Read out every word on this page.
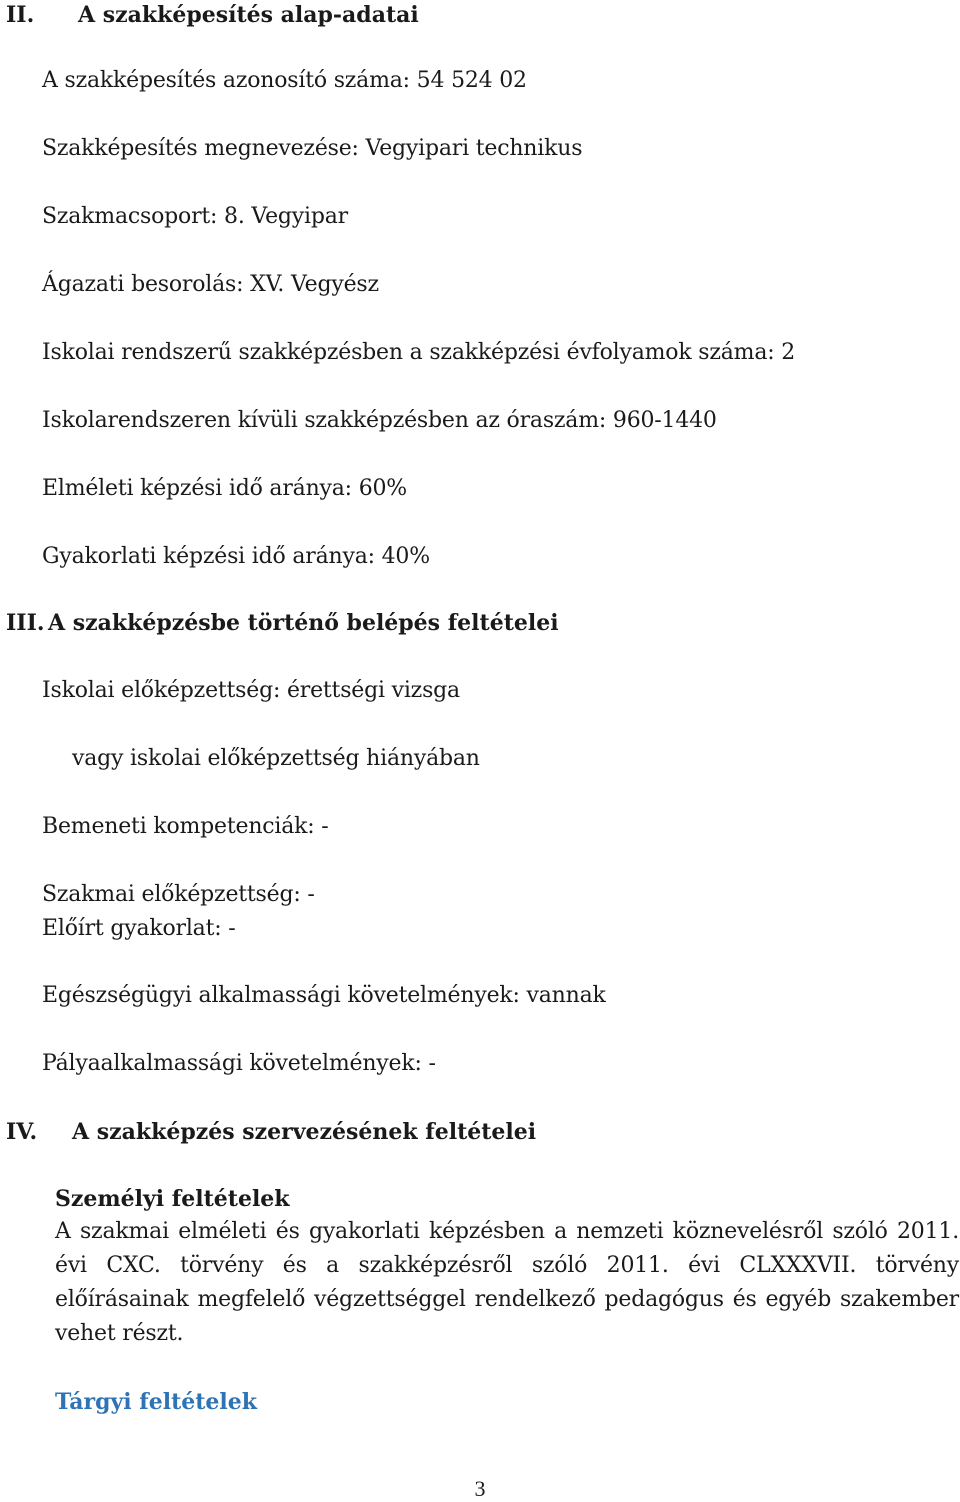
II. A szakképesítés alap-adatai

A szakképesítés azonosító száma: 54 524 02

Szakképesítés megnevezése: Vegyipari technikus

Szakmacsoport: 8. Vegyipar

Ágazati besorolás: XV. Vegyész

Iskolai rendszerű szakképzésben a szakképzési évfolyamok száma: 2

Iskolarendszeren kívüli szakképzésben az óraszám: 960-1440

Elméleti képzési idő aránya: 60%

Gyakorlati képzési idő aránya: 40%

III. A szakképzésbe történő belépés feltételei

Iskolai előképzettség: érettségi vizsga

vagy iskolai előképzettség hiányában

Bemeneti kompetenciák: -

Szakmai előképzettség: -

Előírt gyakorlat: -

Egészségügyi alkalmassági követelmények: vannak

Pályaalkalmassági követelmények: -

IV. A szakképzés szervezésének feltételei

Személyi feltételek

A szakmai elméleti és gyakorlati képzésben a nemzeti köznevelésről szóló 2011. évi CXC. törvény és a szakképzésről szóló 2011. évi CLXXXVII. törvény előírásainak megfelelő végzettséggel rendelkező pedagógus és egyéb szakember vehet részt.

Tárgyi feltételek

3
